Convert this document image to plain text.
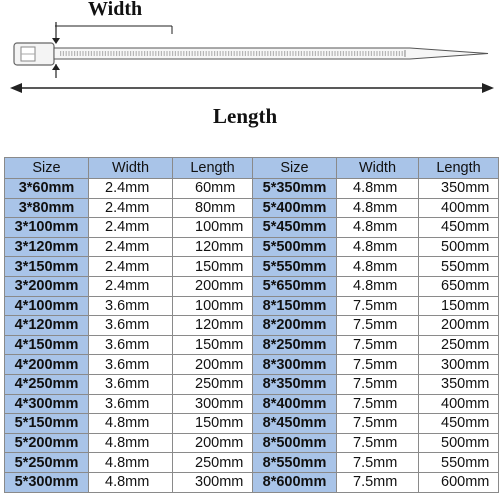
Width
Length
Size	Width	Length	Size	Width	Length
3*60mm	2.4mm	60mm	5*350mm	4.8mm	350mm
3*80mm	2.4mm	80mm	5*400mm	4.8mm	400mm
3*100mm	2.4mm	100mm	5*450mm	4.8mm	450mm
3*120mm	2.4mm	120mm	5*500mm	4.8mm	500mm
3*150mm	2.4mm	150mm	5*550mm	4.8mm	550mm
3*200mm	2.4mm	200mm	5*650mm	4.8mm	650mm
4*100mm	3.6mm	100mm	8*150mm	7.5mm	150mm
4*120mm	3.6mm	120mm	8*200mm	7.5mm	200mm
4*150mm	3.6mm	150mm	8*250mm	7.5mm	250mm
4*200mm	3.6mm	200mm	8*300mm	7.5mm	300mm
4*250mm	3.6mm	250mm	8*350mm	7.5mm	350mm
4*300mm	3.6mm	300mm	8*400mm	7.5mm	400mm
5*150mm	4.8mm	150mm	8*450mm	7.5mm	450mm
5*200mm	4.8mm	200mm	8*500mm	7.5mm	500mm
5*250mm	4.8mm	250mm	8*550mm	7.5mm	550mm
5*300mm	4.8mm	300mm	8*600mm	7.5mm	600mm
